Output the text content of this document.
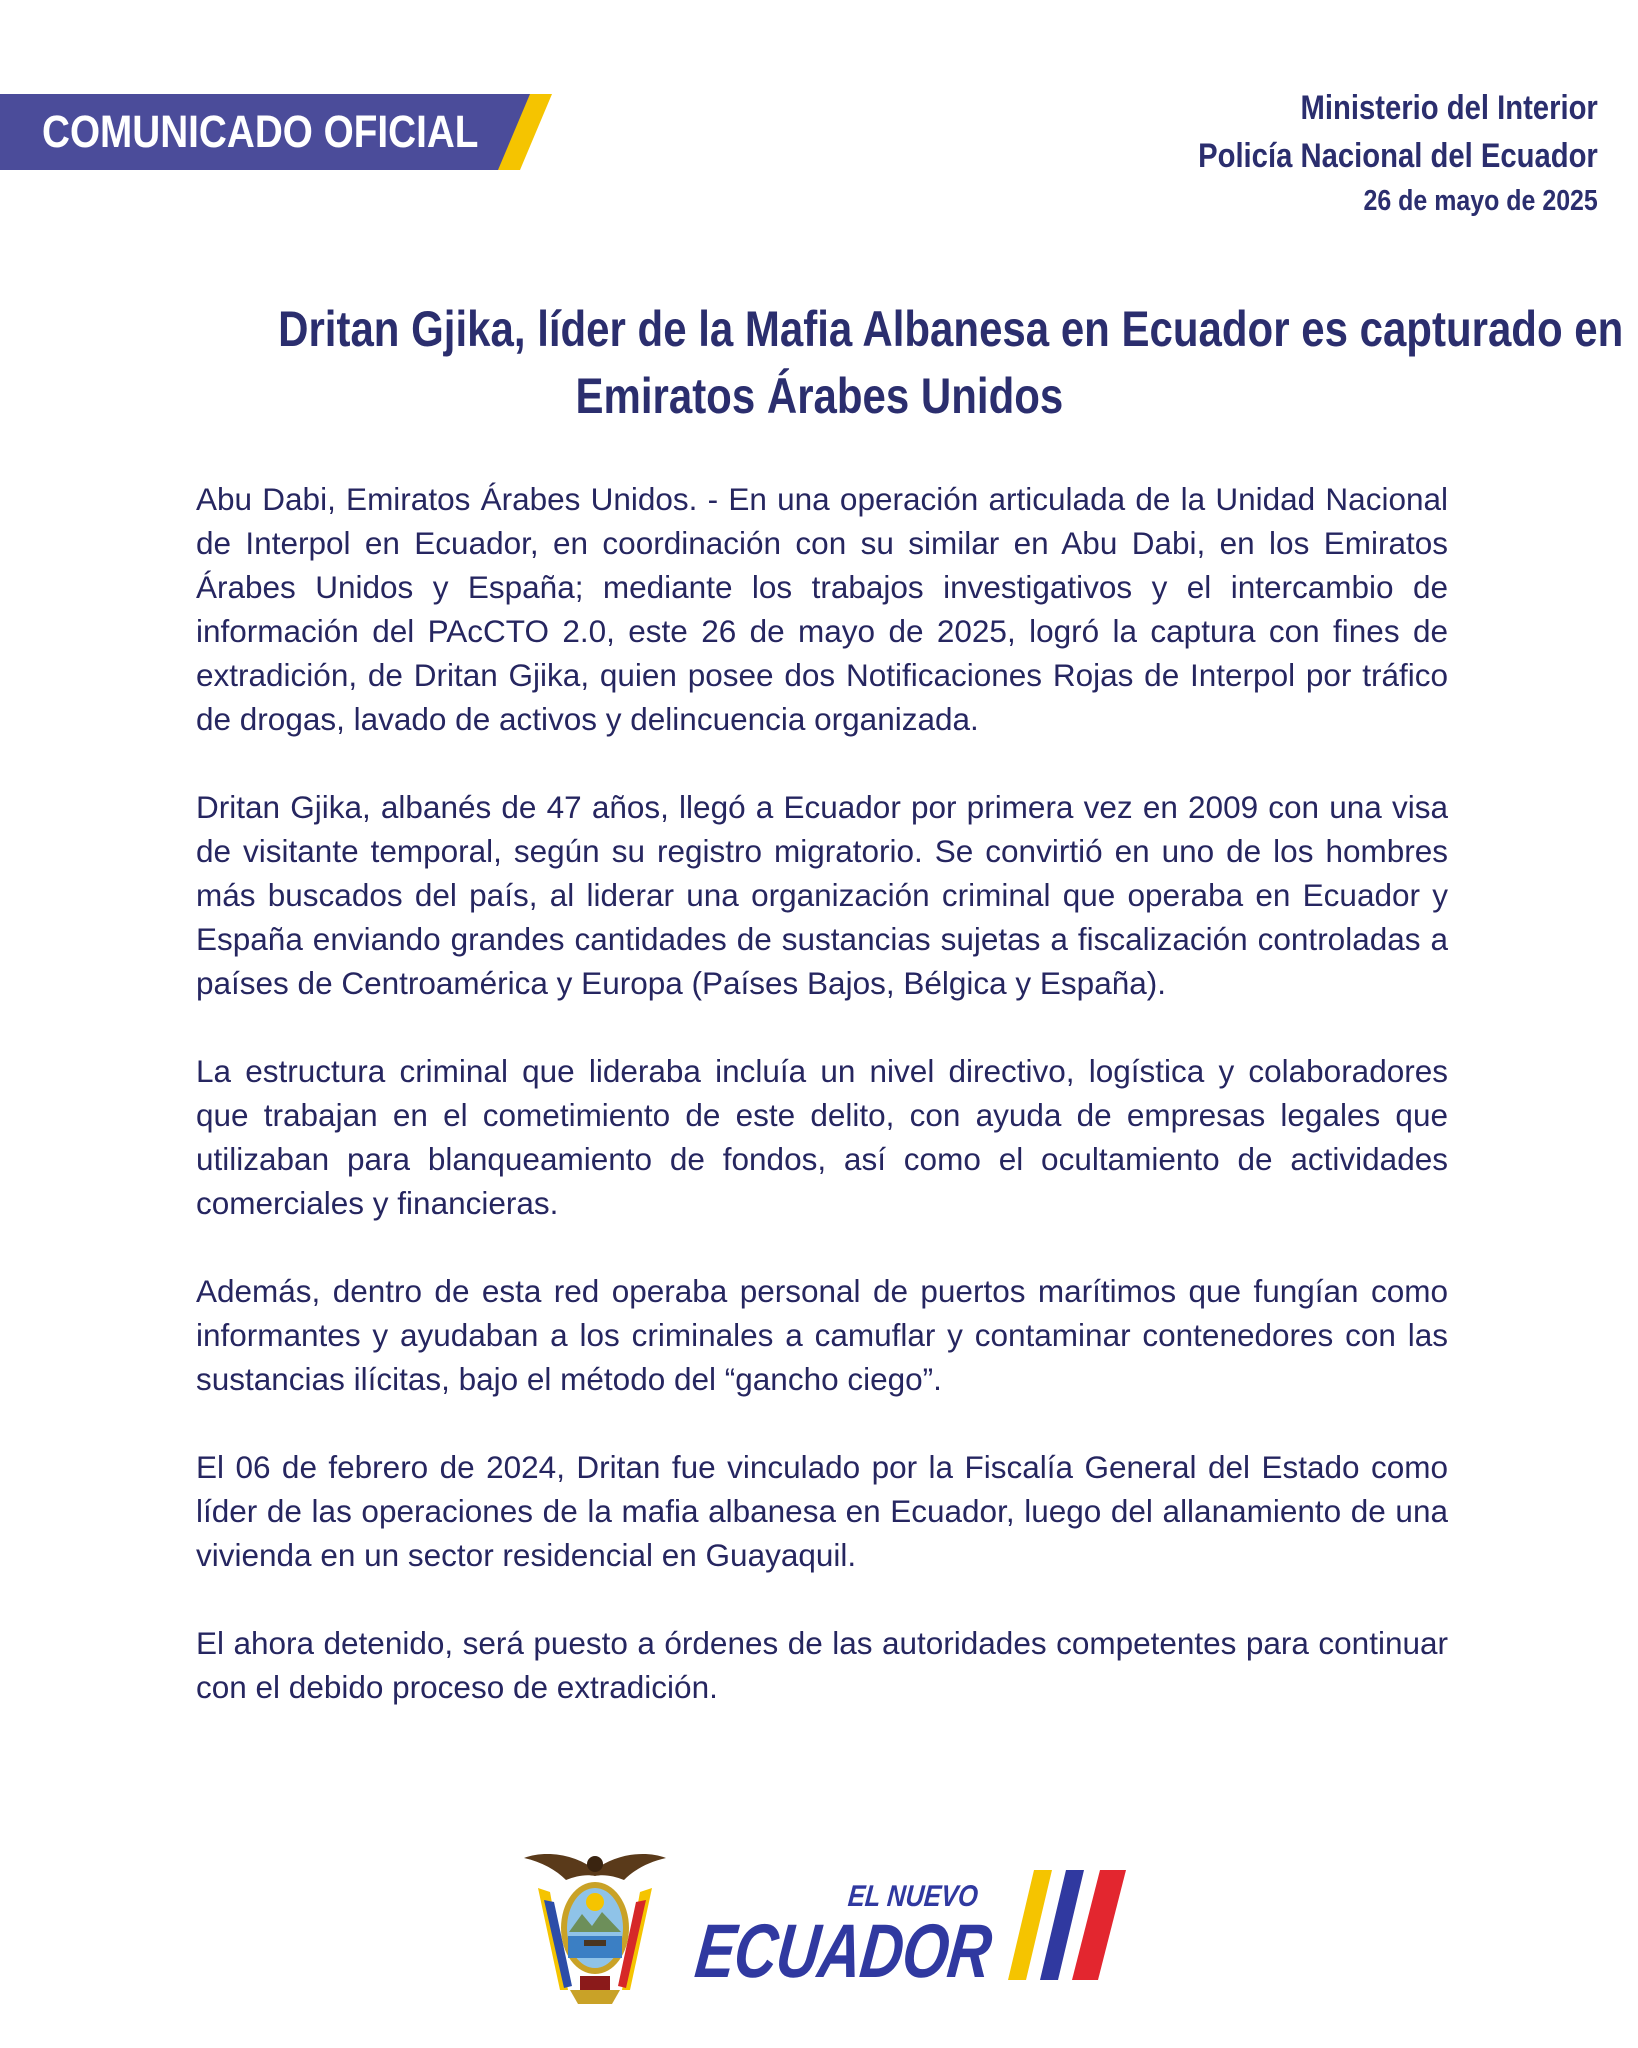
COMUNICADO OFICIAL	Ministerio del Interior
Policía Nacional del Ecuador
26 de mayo de 2025
Dritan Gjika, líder de la Mafia Albanesa en Ecuador es capturado en
Emiratos Árabes Unidos

Abu Dabi, Emiratos Árabes Unidos. - En una operación articulada de la Unidad Nacional de Interpol en Ecuador, en coordinación con su similar en Abu Dabi, en los Emiratos Árabes Unidos y España; mediante los trabajos investigativos y el intercambio de información del PAcCTO 2.0, este 26 de mayo de 2025, logró la captura con fines de extradición, de Dritan Gjika, quien posee dos Notificaciones Rojas de Interpol por tráfico de drogas, lavado de activos y delincuencia organizada.

Dritan Gjika, albanés de 47 años, llegó a Ecuador por primera vez en 2009 con una visa de visitante temporal, según su registro migratorio. Se convirtió en uno de los hombres más buscados del país, al liderar una organización criminal que operaba en Ecuador y España enviando grandes cantidades de sustancias sujetas a fiscalización controladas a países de Centroamérica y Europa (Países Bajos, Bélgica y España).

La estructura criminal que lideraba incluía un nivel directivo, logística y colaboradores que trabajan en el cometimiento de este delito, con ayuda de empresas legales que utilizaban para blanqueamiento de fondos, así como el ocultamiento de actividades comerciales y financieras.

Además, dentro de esta red operaba personal de puertos marítimos que fungían como informantes y ayudaban a los criminales a camuflar y contaminar contenedores con las sustancias ilícitas, bajo el método del “gancho ciego”.

El 06 de febrero de 2024, Dritan fue vinculado por la Fiscalía General del Estado como líder de las operaciones de la mafia albanesa en Ecuador, luego del allanamiento de una vivienda en un sector residencial en Guayaquil.

El ahora detenido, será puesto a órdenes de las autoridades competentes para continuar con el debido proceso de extradición.

EL NUEVO
ECUADOR
